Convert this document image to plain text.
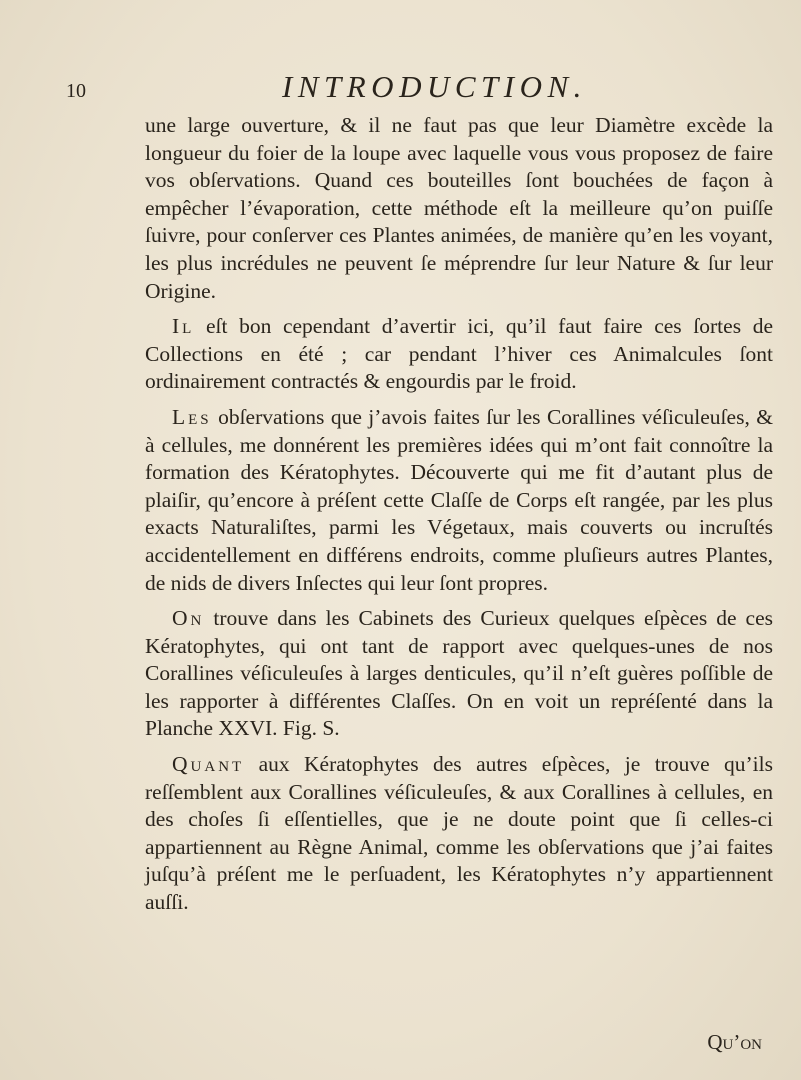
10	INTRODUCTION.

une large ouverture, & il ne faut pas que leur Diamètre excède la longueur du foier de la loupe avec laquelle vous vous proposez de faire vos obſervations. Quand ces bouteilles ſont bouchées de façon à empêcher l’évaporation, cette méthode eſt la meilleure qu’on puiſſe ſuivre, pour conſerver ces Plantes animées, de manière qu’en les voyant, les plus incrédules ne peuvent ſe méprendre ſur leur Nature & ſur leur Origine.

Il eſt bon cependant d’avertir ici, qu’il faut faire ces ſortes de Collections en été ; car pendant l’hiver ces Animalcules ſont ordinairement contractés & engourdis par le froid.

Les obſervations que j’avois faites ſur les Corallines véſiculeuſes, & à cellules, me donnérent les premières idées qui m’ont fait connoître la formation des Kératophytes. Découverte qui me fit d’autant plus de plaiſir, qu’encore à préſent cette Claſſe de Corps eſt rangée, par les plus exacts Naturaliſtes, parmi les Végetaux, mais couverts ou incruſtés accidentellement en différens endroits, comme pluſieurs autres Plantes, de nids de divers Inſectes qui leur ſont propres.

On trouve dans les Cabinets des Curieux quelques eſpèces de ces Kératophytes, qui ont tant de rapport avec quelques-unes de nos Corallines véſiculeuſes à larges denticules, qu’il n’eſt guères poſſible de les rapporter à différentes Claſſes. On en voit un repréſenté dans la Planche XXVI. Fig. S.

Quant aux Kératophytes des autres eſpèces, je trouve qu’ils reſſemblent aux Corallines véſiculeuſes, & aux Corallines à cellules, en des choſes ſi eſſentielles, que je ne doute point que ſi celles-ci appartiennent au Règne Animal, comme les obſervations que j’ai faites juſqu’à préſent me le perſuadent, les Kératophytes n’y appartiennent auſſi.

Qu’on
